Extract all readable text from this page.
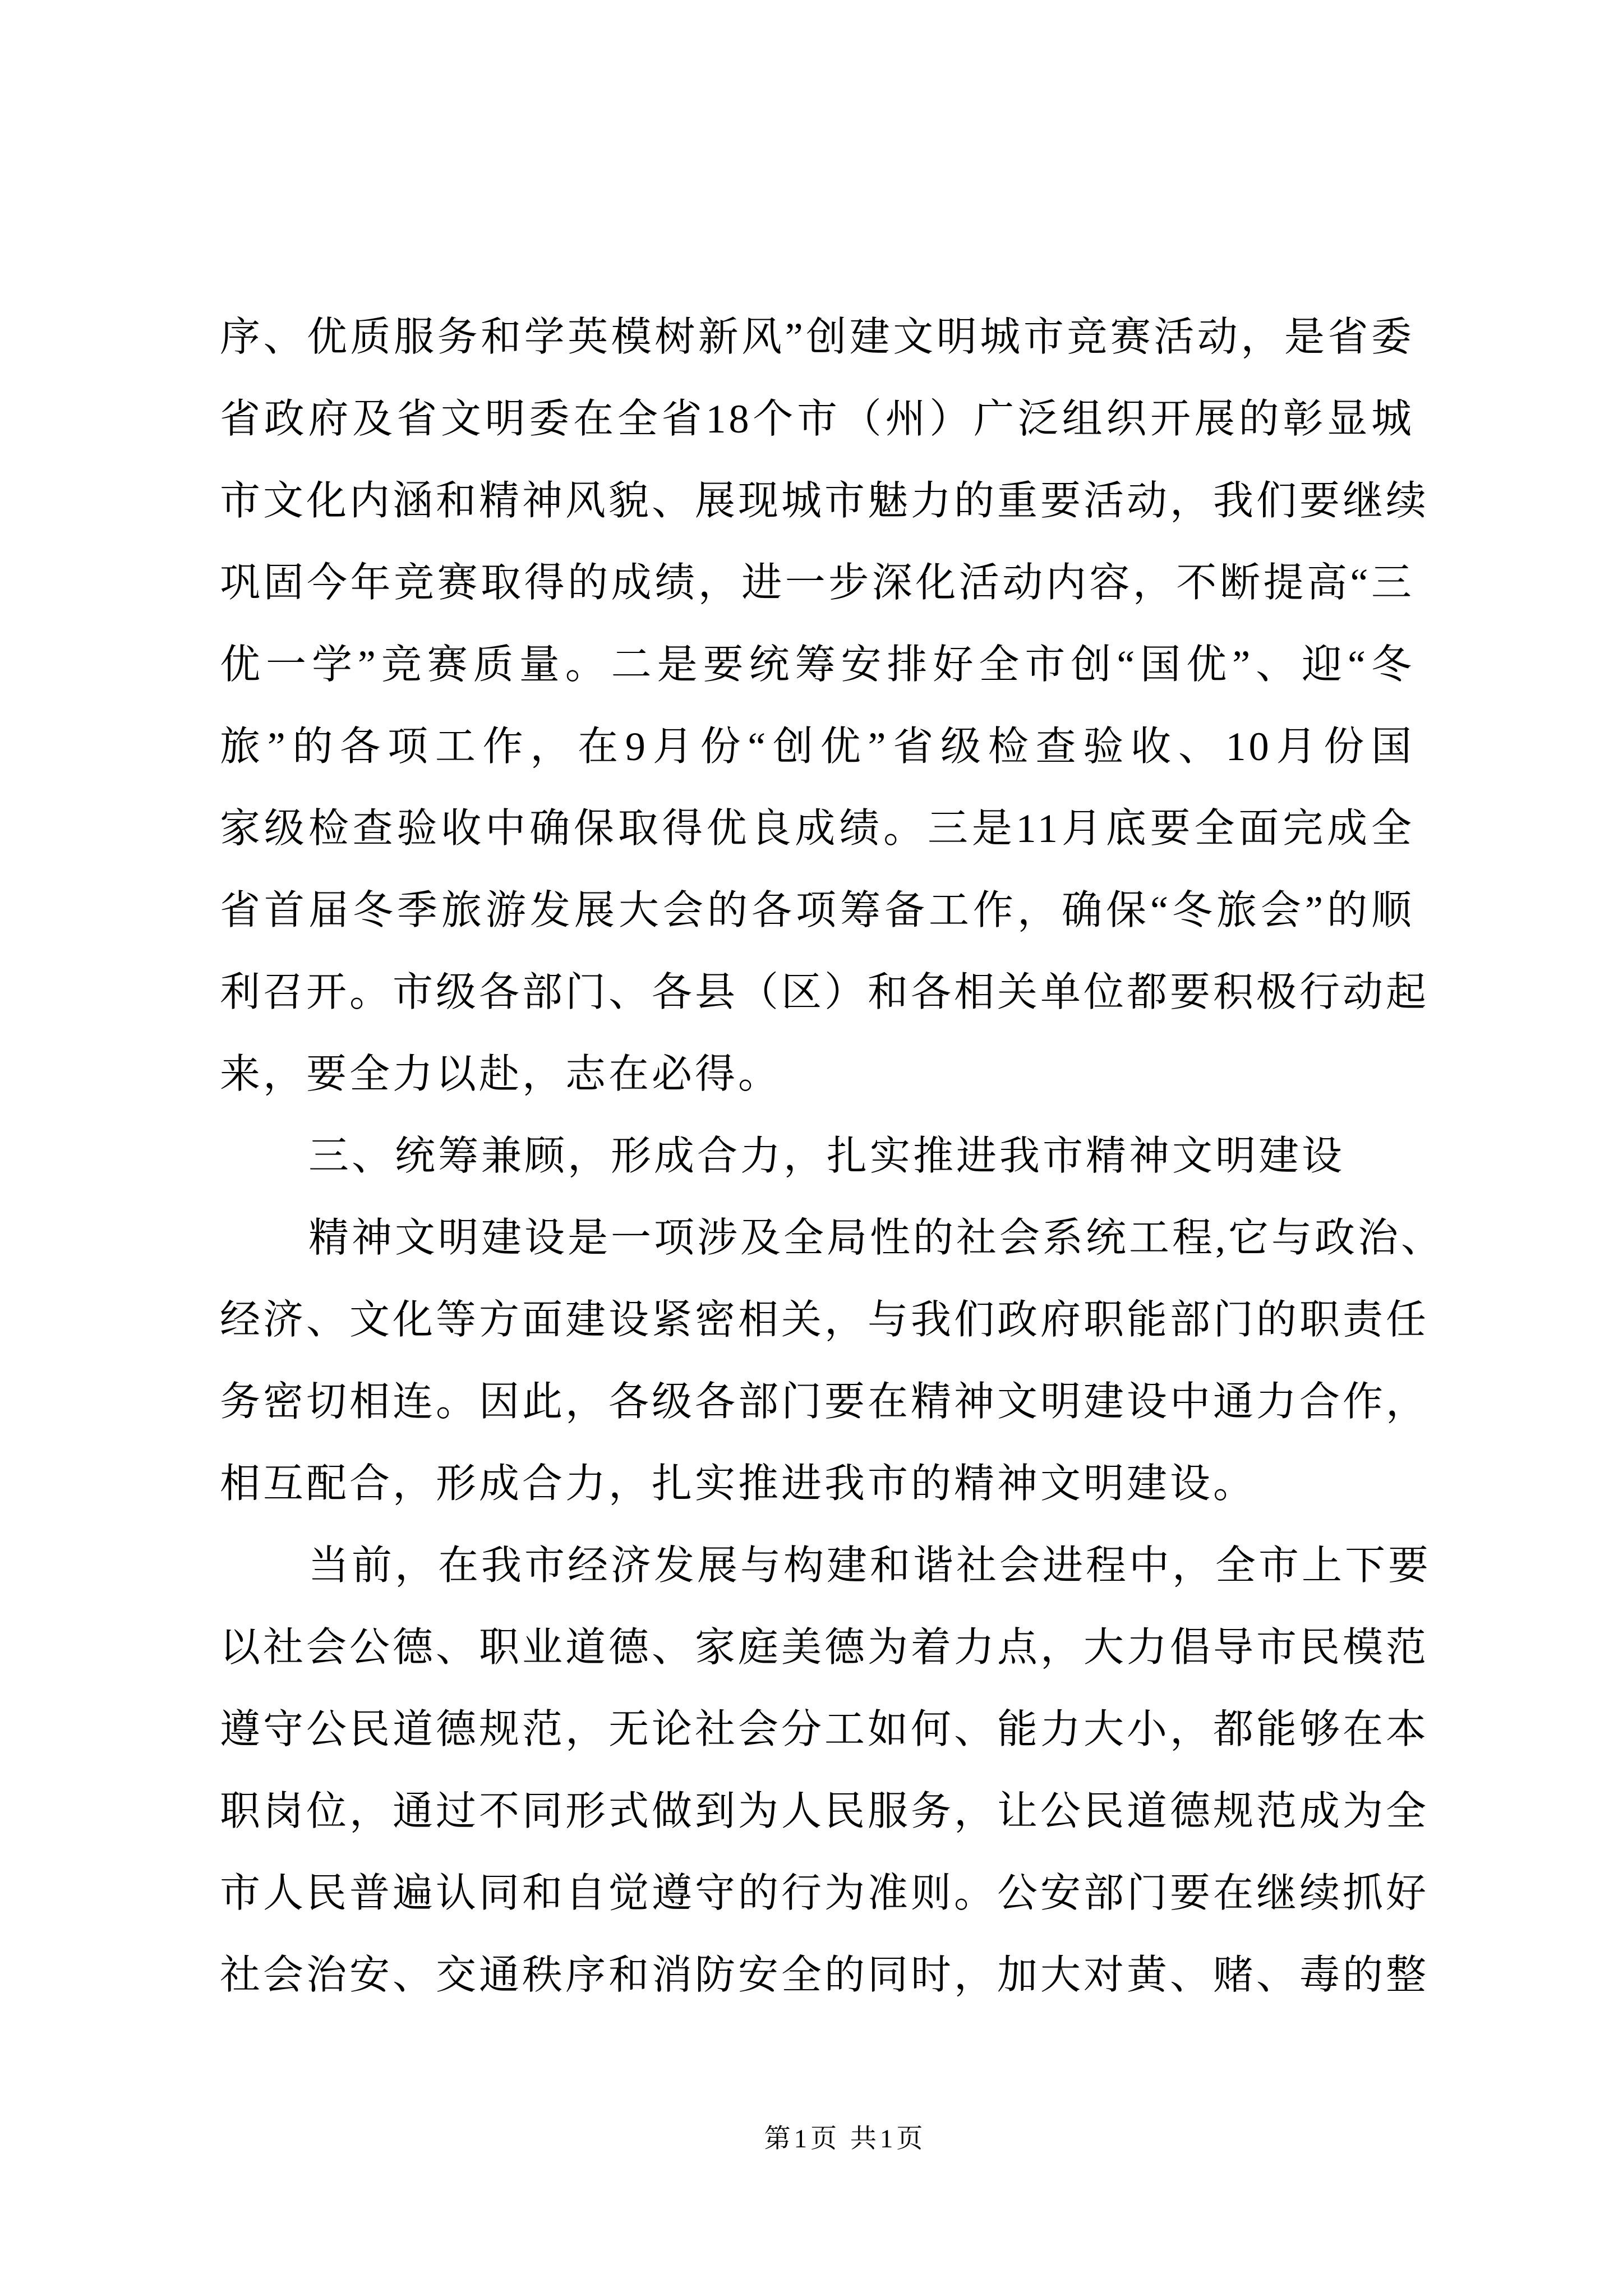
序、优质服务和学英模树新风”创建文明城市竞赛活动，是省委
省政府及省文明委在全省18个市（州）广泛组织开展的彰显城
市文化内涵和精神风貌、展现城市魅力的重要活动，我们要继续
巩固今年竞赛取得的成绩，进一步深化活动内容，不断提高“三
优一学”竞赛质量。二是要统筹安排好全市创“国优”、迎“冬
旅”的各项工作，在9月份“创优”省级检查验收、10月份国
家级检查验收中确保取得优良成绩。三是11月底要全面完成全
省首届冬季旅游发展大会的各项筹备工作，确保“冬旅会”的顺
利召开。市级各部门、各县（区）和各相关单位都要积极行动起
来，要全力以赴，志在必得。
三、统筹兼顾，形成合力，扎实推进我市精神文明建设
精神文明建设是一项涉及全局性的社会系统工程,它与政治、
经济、文化等方面建设紧密相关，与我们政府职能部门的职责任
务密切相连。因此，各级各部门要在精神文明建设中通力合作，
相互配合，形成合力，扎实推进我市的精神文明建设。
当前，在我市经济发展与构建和谐社会进程中，全市上下要
以社会公德、职业道德、家庭美德为着力点，大力倡导市民模范
遵守公民道德规范，无论社会分工如何、能力大小，都能够在本
职岗位，通过不同形式做到为人民服务，让公民道德规范成为全
市人民普遍认同和自觉遵守的行为准则。公安部门要在继续抓好
社会治安、交通秩序和消防安全的同时，加大对黄、赌、毒的整
第1页 共1页
